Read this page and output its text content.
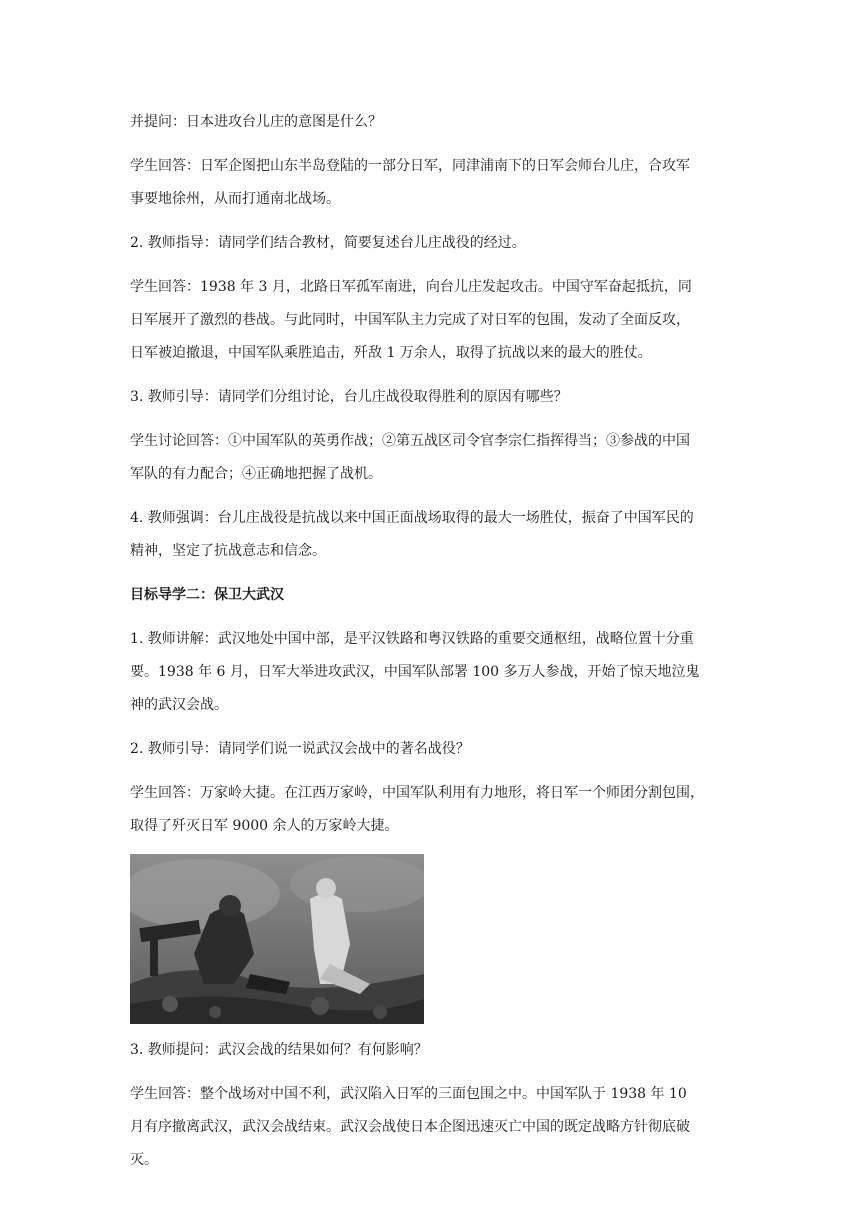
并提问：日本进攻台儿庄的意图是什么？

学生回答：日军企图把山东半岛登陆的一部分日军，同津浦南下的日军会师台儿庄，合攻军
事要地徐州，从而打通南北战场。

2. 教师指导：请同学们结合教材，简要复述台儿庄战役的经过。

学生回答：1938 年 3 月，北路日军孤军南进，向台儿庄发起攻击。中国守军奋起抵抗，同
日军展开了激烈的巷战。与此同时，中国军队主力完成了对日军的包围，发动了全面反攻，
日军被迫撤退，中国军队乘胜追击，歼敌 1 万余人，取得了抗战以来的最大的胜仗。

3. 教师引导：请同学们分组讨论，台儿庄战役取得胜利的原因有哪些？

学生讨论回答：①中国军队的英勇作战；②第五战区司令官李宗仁指挥得当；③参战的中国
军队的有力配合；④正确地把握了战机。

4. 教师强调：台儿庄战役是抗战以来中国正面战场取得的最大一场胜仗，振奋了中国军民的
精神，坚定了抗战意志和信念。

目标导学二：保卫大武汉

1. 教师讲解：武汉地处中国中部，是平汉铁路和粤汉铁路的重要交通枢纽，战略位置十分重
要。1938 年 6 月，日军大举进攻武汉，中国军队部署 100 多万人参战，开始了惊天地泣鬼
神的武汉会战。

2. 教师引导：请同学们说一说武汉会战中的著名战役？

学生回答：万家岭大捷。在江西万家岭，中国军队利用有力地形，将日军一个师团分割包围，
取得了歼灭日军 9000 余人的万家岭大捷。

3. 教师提问：武汉会战的结果如何？有何影响？

学生回答：整个战场对中国不利，武汉陷入日军的三面包围之中。中国军队于 1938 年 10
月有序撤离武汉，武汉会战结束。武汉会战使日本企图迅速灭亡中国的既定战略方针彻底破
灭。
